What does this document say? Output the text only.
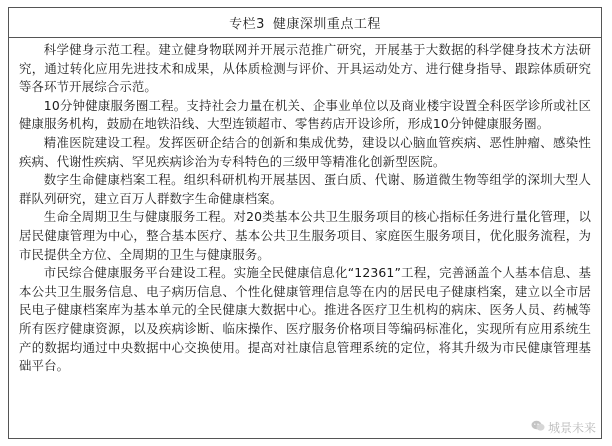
专栏3 健康深圳重点工程

科学健身示范工程。建立健身物联网并开展示范推广研究，开展基于大数据的科学健身技术方法研究，通过转化应用先进技术和成果，从体质检测与评价、开具运动处方、进行健身指导、跟踪体质研究等各环节开展综合示范。

10分钟健康服务圈工程。支持社会力量在机关、企事业单位以及商业楼宇设置全科医学诊所或社区健康服务机构，鼓励在地铁沿线、大型连锁超市、零售药店开设诊所，形成10分钟健康服务圈。

精准医院建设工程。发挥医研企结合的创新和集成优势，建设以心脑血管疾病、恶性肿瘤、感染性疾病、代谢性疾病、罕见疾病诊治为专科特色的三级甲等精准化创新型医院。

数字生命健康档案工程。组织科研机构开展基因、蛋白质、代谢、肠道微生物等组学的深圳大型人群队列研究，建立百万人群数字生命健康档案。

生命全周期卫生与健康服务工程。对20类基本公共卫生服务项目的核心指标任务进行量化管理，以居民健康管理为中心，整合基本医疗、基本公共卫生服务项目、家庭医生服务项目，优化服务流程，为市民提供全方位、全周期的卫生与健康服务。

市民综合健康服务平台建设工程。实施全民健康信息化“12361”工程，完善涵盖个人基本信息、基本公共卫生服务信息、电子病历信息、个性化健康管理信息等在内的居民电子健康档案，建立以全市居民电子健康档案库为基本单元的全民健康大数据中心。推进各医疗卫生机构的病床、医务人员、药械等所有医疗健康资源，以及疾病诊断、临床操作、医疗服务价格项目等编码标准化，实现所有应用系统生产的数据均通过中央数据中心交换使用。提高对社康信息管理系统的定位，将其升级为市民健康管理基础平台。

城景未来
